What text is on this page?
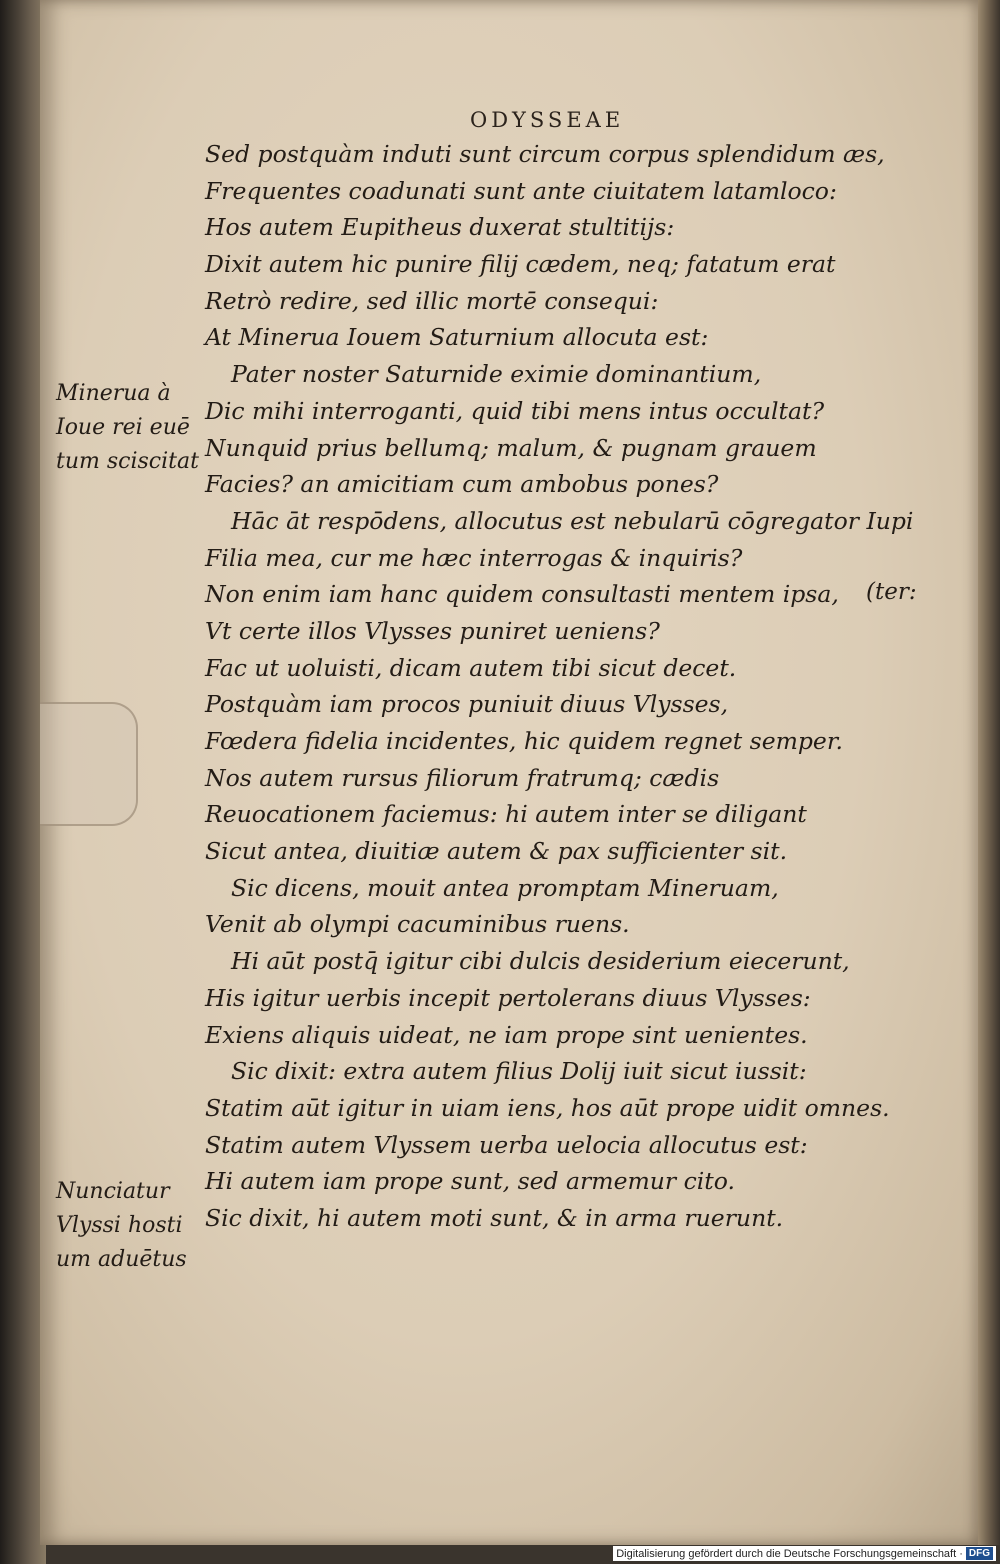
ODYSSEAE
Sed postquàm induti sunt circum corpus splendidum æs,
Frequentes coadunati sunt ante ciuitatem latamloco:
Hos autem Eupitheus duxerat stultitijs:
Dixit autem hic punire filij cædem, neq; fatatum erat
Retrò redire, sed illic mortē consequi:
At Minerua Iouem Saturnium allocuta est:
Pater noster Saturnide eximie dominantium,
Dic mihi interroganti, quid tibi mens intus occultat?
Nunquid prius bellumq; malum, & pugnam grauem
Facies? an amicitiam cum ambobus pones?
Hāc āt respōdens, allocutus est nebularū cōgregator Iupi
Filia mea, cur me hæc interrogas & inquiris?
Non enim iam hanc quidem consultasti mentem ipsa,
Vt certe illos Vlysses puniret ueniens?
Fac ut uoluisti, dicam autem tibi sicut decet.
Postquàm iam procos puniuit diuus Vlysses,
Fœdera fidelia incidentes, hic quidem regnet semper.
Nos autem rursus filiorum fratrumq; cædis
Reuocationem faciemus: hi autem inter se diligant
Sicut antea, diuitiæ autem & pax sufficienter sit.
Sic dicens, mouit antea promptam Mineruam,
Venit ab olympi cacuminibus ruens.
Hi aūt postq̄ igitur cibi dulcis desiderium eiecerunt,
His igitur uerbis incepit pertolerans diuus Vlysses:
Exiens aliquis uideat, ne iam prope sint uenientes.
Sic dixit: extra autem filius Dolij iuit sicut iussit:
Statim aūt igitur in uiam iens, hos aūt prope uidit omnes.
Statim autem Vlyssem uerba uelocia allocutus est:
Hi autem iam prope sunt, sed armemur cito.
Sic dixit, hi autem moti sunt, & in arma ruerunt.
(ter:
Minerua à
Ioue rei euē
tum sciscitat
Nunciatur
Vlyssi hosti
um aduētus
Digitalisierung gefördert durch die Deutsche Forschungsgemeinschaft · DFG
